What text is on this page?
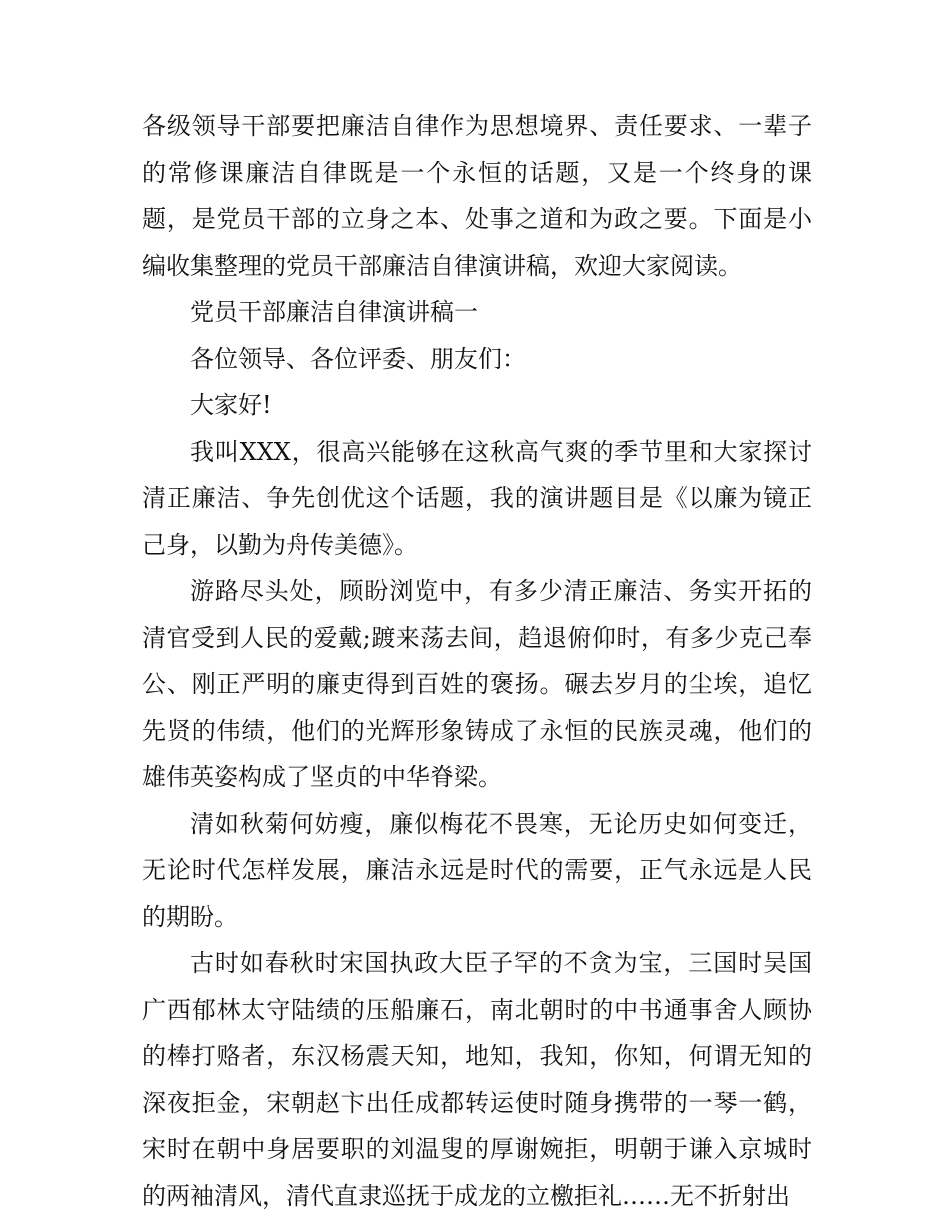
各级领导干部要把廉洁自律作为思想境界、责任要求、一辈子的常修课廉洁自律既是一个永恒的话题，又是一个终身的课题，是党员干部的立身之本、处事之道和为政之要。下面是小编收集整理的党员干部廉洁自律演讲稿，欢迎大家阅读。

党员干部廉洁自律演讲稿一

各位领导、各位评委、朋友们：

大家好!

我叫XXX，很高兴能够在这秋高气爽的季节里和大家探讨清正廉洁、争先创优这个话题，我的演讲题目是《以廉为镜正己身，以勤为舟传美德》。

游路尽头处，顾盼浏览中，有多少清正廉洁、务实开拓的清官受到人民的爱戴;踱来荡去间，趋退俯仰时，有多少克己奉公、刚正严明的廉吏得到百姓的褒扬。碾去岁月的尘埃，追忆先贤的伟绩，他们的光辉形象铸成了永恒的民族灵魂，他们的雄伟英姿构成了坚贞的中华脊梁。

清如秋菊何妨瘦，廉似梅花不畏寒，无论历史如何变迁，无论时代怎样发展，廉洁永远是时代的需要，正气永远是人民的期盼。

古时如春秋时宋国执政大臣子罕的不贪为宝，三国时吴国广西郁林太守陆绩的压船廉石，南北朝时的中书通事舍人顾协的棒打赂者，东汉杨震天知，地知，我知，你知，何谓无知的深夜拒金，宋朝赵卞出任成都转运使时随身携带的一琴一鹤，宋时在朝中身居要职的刘温叟的厚谢婉拒，明朝于谦入京城时的两袖清风，清代直隶巡抚于成龙的立檄拒礼……无不折射出
